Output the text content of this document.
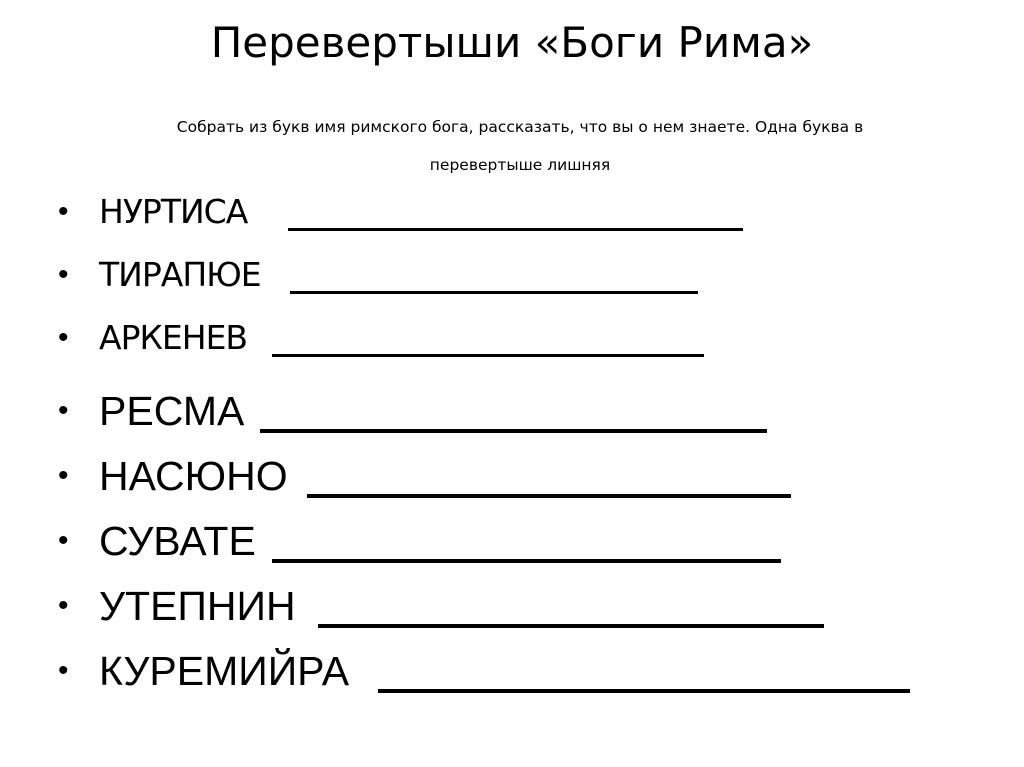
Перевертыши «Боги Рима»
Собрать из букв имя римского бога, рассказать, что вы о нем знаете. Одна буква в
перевертыше лишняя
• НУРТИСА
• ТИРАПЮЕ
• АРКЕНЕВ
• РЕСМА
• НАСЮНО
• СУВАТЕ
• УТЕПНИН
• КУРЕМИЙРА
